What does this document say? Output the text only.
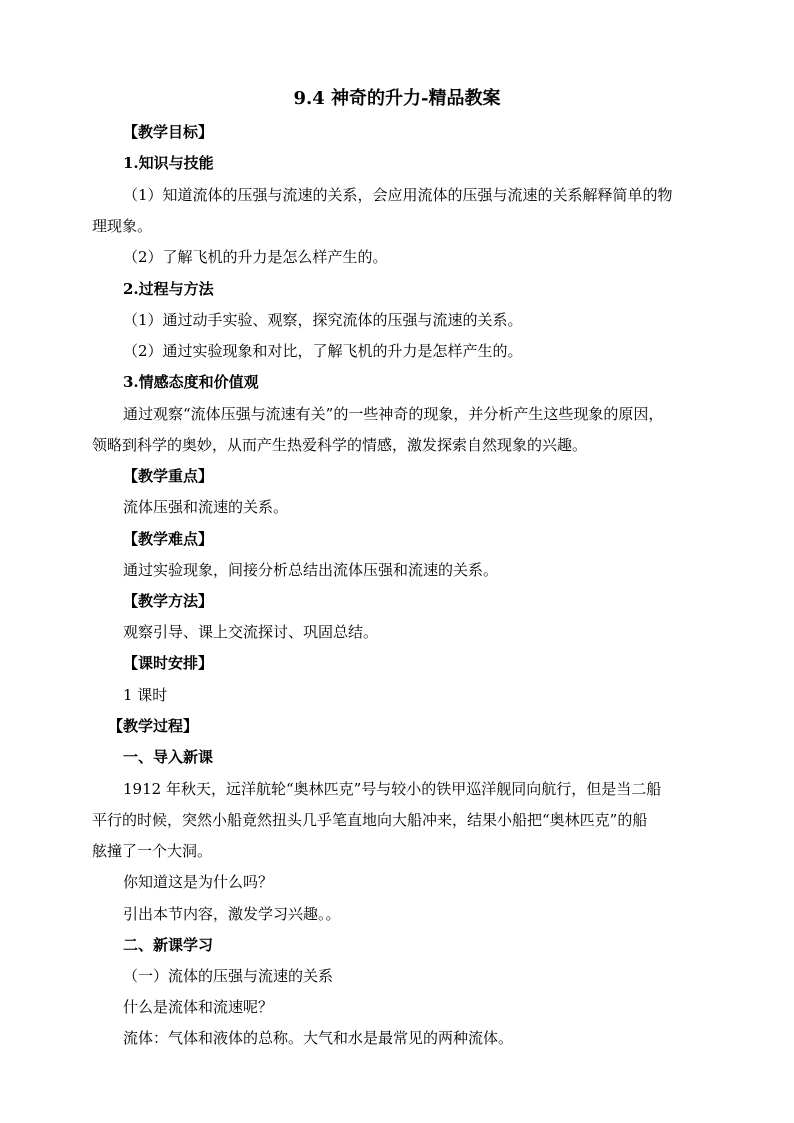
9.4 神奇的升力-精品教案
【教学目标】
1.知识与技能
（1）知道流体的压强与流速的关系，会应用流体的压强与流速的关系解释简单的物
理现象。
（2）了解飞机的升力是怎么样产生的。
2.过程与方法
（1）通过动手实验、观察，探究流体的压强与流速的关系。
（2）通过实验现象和对比，了解飞机的升力是怎样产生的。
3.情感态度和价值观
通过观察“流体压强与流速有关”的一些神奇的现象，并分析产生这些现象的原因，
领略到科学的奥妙，从而产生热爱科学的情感，激发探索自然现象的兴趣。
【教学重点】
流体压强和流速的关系。
【教学难点】
通过实验现象，间接分析总结出流体压强和流速的关系。
【教学方法】
观察引导、课上交流探讨、巩固总结。
【课时安排】
1 课时
【教学过程】
一、导入新课
1912 年秋天，远洋航轮“奥林匹克”号与较小的铁甲巡洋舰同向航行，但是当二船
平行的时候，突然小船竟然扭头几乎笔直地向大船冲来，结果小船把“奥林匹克”的船
舷撞了一个大洞。
你知道这是为什么吗？
引出本节内容，激发学习兴趣。。
二、新课学习
（一）流体的压强与流速的关系
什么是流体和流速呢？
流体：气体和液体的总称。大气和水是最常见的两种流体。
